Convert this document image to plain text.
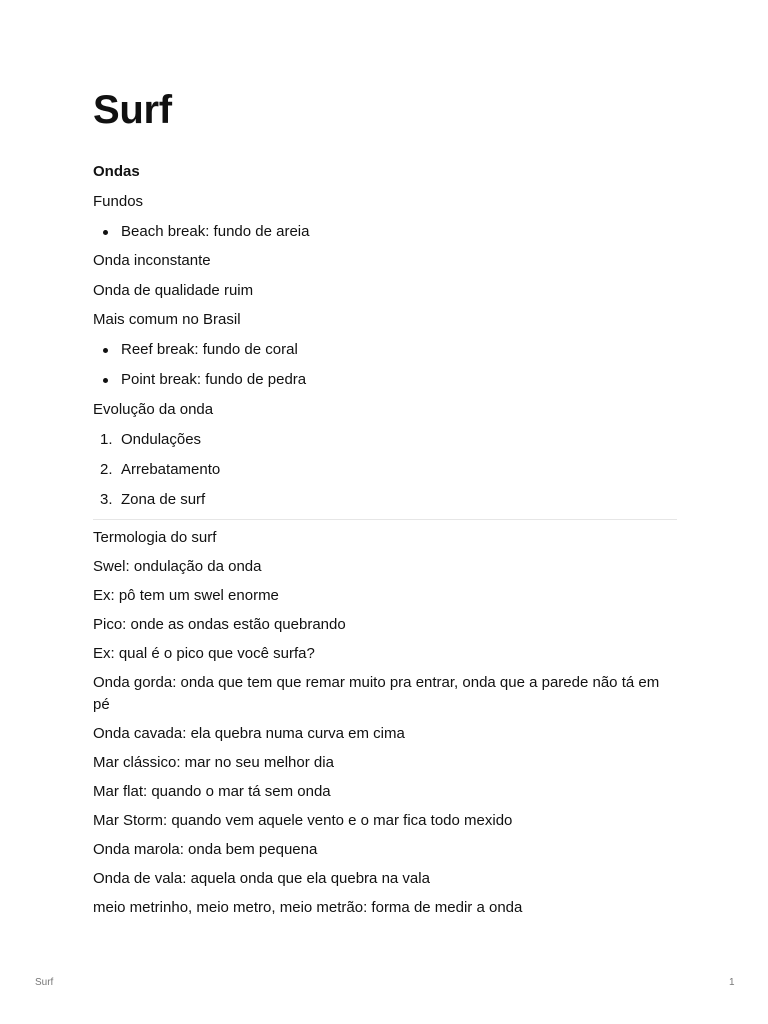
Surf
Ondas

Fundos

Beach break: fundo de areia

Onda inconstante

Onda de qualidade ruim

Mais comum no Brasil

Reef break: fundo de coral
Point break: fundo de pedra

Evolução da onda

1. Ondulações
2. Arrebatamento
3. Zona de surf

Termologia do surf

Swel: ondulação da onda

Ex: pô tem um swel enorme

Pico: onde as ondas estão quebrando

Ex: qual é o pico que você surfa?

Onda gorda: onda que tem que remar muito pra entrar, onda que a parede não tá em pé

Onda cavada: ela quebra numa curva em cima

Mar clássico: mar no seu melhor dia

Mar flat: quando o mar tá sem onda

Mar Storm: quando vem aquele vento e o mar fica todo mexido

Onda marola: onda bem pequena

Onda de vala: aquela onda que ela quebra na vala

meio metrinho, meio metro, meio metrão: forma de medir a onda

Surf	1
